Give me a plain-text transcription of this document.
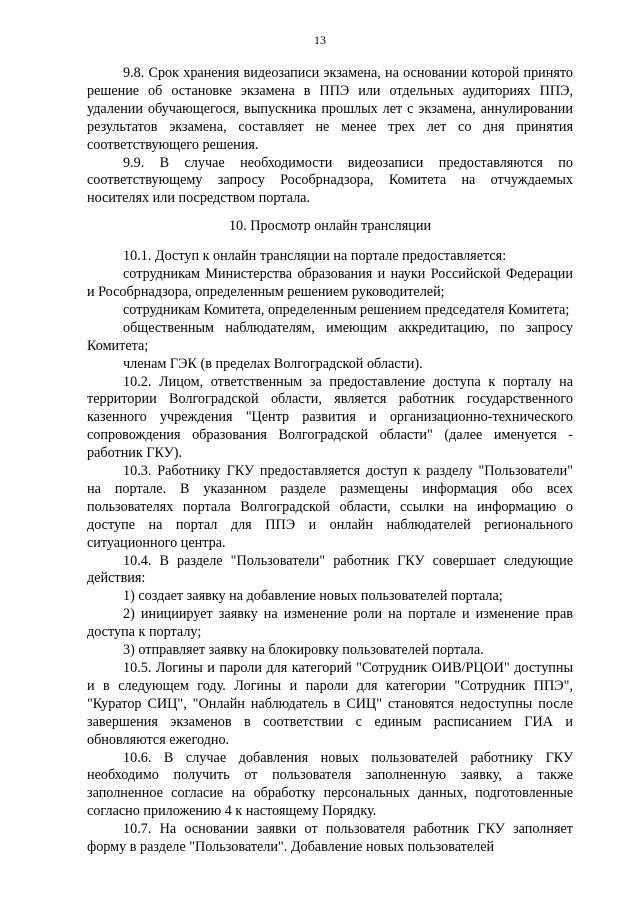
13

9.8. Срок хранения видеозаписи экзамена, на основании которой принято решение об остановке экзамена в ППЭ или отдельных аудиториях ППЭ, удалении обучающегося, выпускника прошлых лет с экзамена, аннулировании результатов экзамена, составляет не менее трех лет со дня принятия соответствующего решения.

9.9. В случае необходимости видеозаписи предоставляются по соответствующему запросу Рособрнадзора, Комитета на отчуждаемых носителях или посредством портала.

10. Просмотр онлайн трансляции

10.1. Доступ к онлайн трансляции на портале предоставляется:

сотрудникам Министерства образования и науки Российской Федерации и Рособрнадзора, определенным решением руководителей;

сотрудникам Комитета, определенным решением председателя Комитета;

общественным наблюдателям, имеющим аккредитацию, по запросу Комитета;

членам ГЭК (в пределах Волгоградской области).

10.2. Лицом, ответственным за предоставление доступа к порталу на территории Волгоградской области, является работник государственного казенного учреждения "Центр развития и организационно-технического сопровождения образования Волгоградской области" (далее именуется - работник ГКУ).

10.3. Работнику ГКУ предоставляется доступ к разделу "Пользователи" на портале. В указанном разделе размещены информация обо всех пользователях портала Волгоградской области, ссылки на информацию о доступе на портал для ППЭ и онлайн наблюдателей регионального ситуационного центра.

10.4. В разделе "Пользователи" работник ГКУ совершает следующие действия:

1) создает заявку на добавление новых пользователей портала;

2) инициирует заявку на изменение роли на портале и изменение прав доступа к порталу;

3) отправляет заявку на блокировку пользователей портала.

10.5. Логины и пароли для категорий "Сотрудник ОИВ/РЦОИ" доступны и в следующем году. Логины и пароли для категории "Сотрудник ППЭ", "Куратор СИЦ", "Онлайн наблюдатель в СИЦ" становятся недоступны после завершения экзаменов в соответствии с единым расписанием ГИА и обновляются ежегодно.

10.6. В случае добавления новых пользователей работнику ГКУ необходимо получить от пользователя заполненную заявку, а также заполненное согласие на обработку персональных данных, подготовленные согласно приложению 4 к настоящему Порядку.

10.7. На основании заявки от пользователя работник ГКУ заполняет форму в разделе "Пользователи". Добавление новых пользователей
